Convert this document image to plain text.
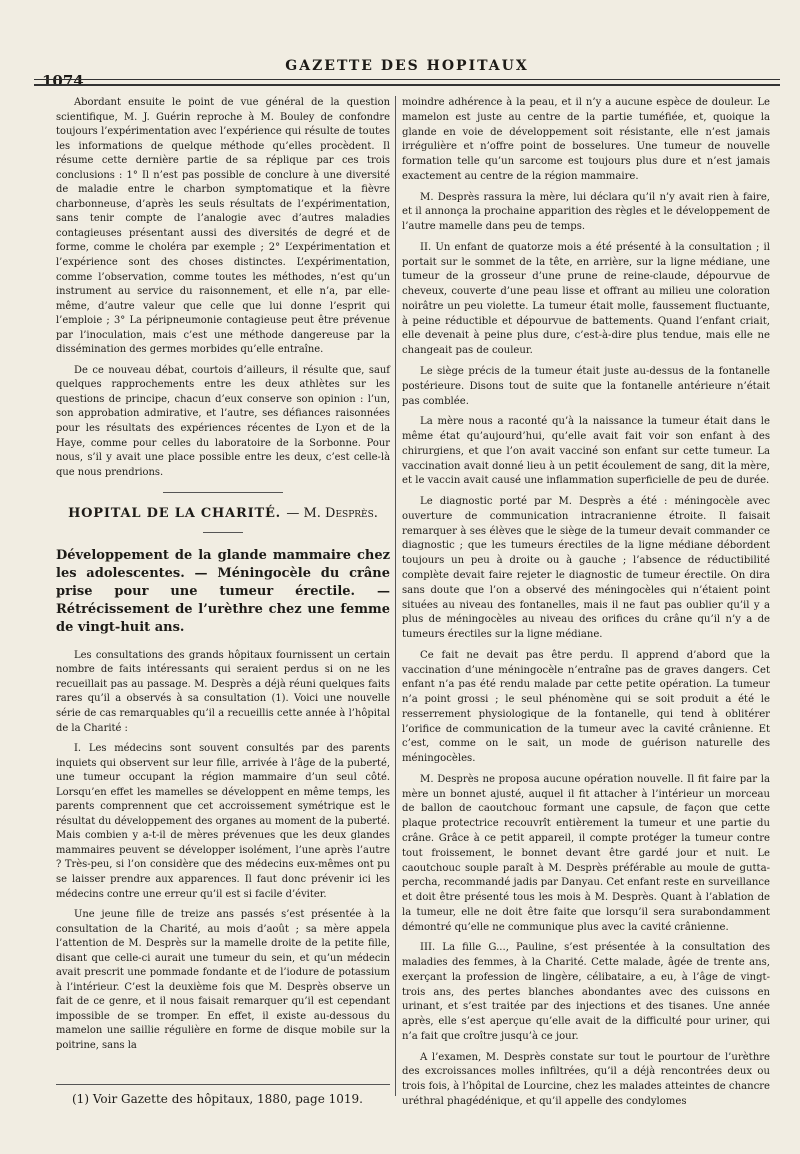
1074
GAZETTE DES HOPITAUX

Abordant ensuite le point de vue général de la question scientifique, M. J. Guérin reproche à M. Bouley de confondre toujours l’expérimentation avec l’expérience qui résulte de toutes les informations de quelque méthode qu’elles procèdent. Il résume cette dernière partie de sa réplique par ces trois conclusions : 1° Il n’est pas possible de conclure à une diversité de maladie entre le charbon symptomatique et la fièvre charbonneuse, d’après les seuls résultats de l’expérimentation, sans tenir compte de l’analogie avec d’autres maladies contagieuses présentant aussi des diversités de degré et de forme, comme le choléra par exemple ; 2° L’expérimentation et l’expérience sont des choses distinctes. L’expérimentation, comme l’observation, comme toutes les méthodes, n’est qu’un instrument au service du raisonnement, et elle n’a, par elle-même, d’autre valeur que celle que lui donne l’esprit qui l’emploie ; 3° La péripneumonie contagieuse peut être prévenue par l’inoculation, mais c’est une méthode dangereuse par la dissémination des germes morbides qu’elle entraîne.

De ce nouveau débat, courtois d’ailleurs, il résulte que, sauf quelques rapprochements entre les deux athlètes sur les questions de principe, chacun d’eux conserve son opinion : l’un, son approbation admirative, et l’autre, ses défiances raisonnées pour les résultats des expériences récentes de Lyon et de la Haye, comme pour celles du laboratoire de la Sorbonne. Pour nous, s’il y avait une place possible entre les deux, c’est celle-là que nous prendrions.

HOPITAL DE LA CHARITÉ. — M. Desprès.

Développement de la glande mammaire chez les adolescentes. — Méningocèle du crâne prise pour une tumeur érectile. — Rétrécissement de l’urèthre chez une femme de vingt-huit ans.

Les consultations des grands hôpitaux fournissent un certain nombre de faits intéressants qui seraient perdus si on ne les recueillait pas au passage. M. Desprès a déjà réuni quelques faits rares qu’il a observés à sa consultation (1). Voici une nouvelle série de cas remarquables qu’il a recueillis cette année à l’hôpital de la Charité :

I. Les médecins sont souvent consultés par des parents inquiets qui observent sur leur fille, arrivée à l’âge de la puberté, une tumeur occupant la région mammaire d’un seul côté. Lorsqu’en effet les mamelles se développent en même temps, les parents comprennent que cet accroissement symétrique est le résultat du développement des organes au moment de la puberté. Mais combien y a-t-il de mères prévenues que les deux glandes mammaires peuvent se développer isolément, l’une après l’autre ? Très-peu, si l’on considère que des médecins eux-mêmes ont pu se laisser prendre aux apparences. Il faut donc prévenir ici les médecins contre une erreur qu’il est si facile d’éviter.

Une jeune fille de treize ans passés s’est présentée à la consultation de la Charité, au mois d’août ; sa mère appela l’attention de M. Desprès sur la mamelle droite de la petite fille, disant que celle-ci aurait une tumeur du sein, et qu’un médecin avait prescrit une pommade fondante et de l’iodure de potassium à l’intérieur. C’est la deuxième fois que M. Desprès observe un fait de ce genre, et il nous faisait remarquer qu’il est cependant impossible de se tromper. En effet, il existe au-dessous du mamelon une saillie régulière en forme de disque mobile sur la poitrine, sans la

moindre adhérence à la peau, et il n’y a aucune espèce de douleur. Le mamelon est juste au centre de la partie tuméfiée, et, quoique la glande en voie de développement soit résistante, elle n’est jamais irrégulière et n’offre point de bosselures. Une tumeur de nouvelle formation telle qu’un sarcome est toujours plus dure et n’est jamais exactement au centre de la région mammaire.

M. Desprès rassura la mère, lui déclara qu’il n’y avait rien à faire, et il annonça la prochaine apparition des règles et le développement de l’autre mamelle dans peu de temps.

II. Un enfant de quatorze mois a été présenté à la consultation ; il portait sur le sommet de la tête, en arrière, sur la ligne médiane, une tumeur de la grosseur d’une prune de reine-claude, dépourvue de cheveux, couverte d’une peau lisse et offrant au milieu une coloration noirâtre un peu violette. La tumeur était molle, faussement fluctuante, à peine réductible et dépourvue de battements. Quand l’enfant criait, elle devenait à peine plus dure, c’est-à-dire plus tendue, mais elle ne changeait pas de couleur.

Le siège précis de la tumeur était juste au-dessus de la fontanelle postérieure. Disons tout de suite que la fontanelle antérieure n’était pas comblée.

La mère nous a raconté qu’à la naissance la tumeur était dans le même état qu’aujourd’hui, qu’elle avait fait voir son enfant à des chirurgiens, et que l’on avait vacciné son enfant sur cette tumeur. La vaccination avait donné lieu à un petit écoulement de sang, dit la mère, et le vaccin avait causé une inflammation superficielle de peu de durée.

Le diagnostic porté par M. Desprès a été : méningocèle avec ouverture de communication intracranienne étroite. Il faisait remarquer à ses élèves que le siège de la tumeur devait commander ce diagnostic ; que les tumeurs érectiles de la ligne médiane débordent toujours un peu à droite ou à gauche ; l’absence de réductibilité complète devait faire rejeter le diagnostic de tumeur érectile. On dira sans doute que l’on a observé des méningocèles qui n’étaient point situées au niveau des fontanelles, mais il ne faut pas oublier qu’il y a plus de méningocèles au niveau des orifices du crâne qu’il n’y a de tumeurs érectiles sur la ligne médiane.

Ce fait ne devait pas être perdu. Il apprend d’abord que la vaccination d’une méningocèle n’entraîne pas de graves dangers. Cet enfant n’a pas été rendu malade par cette petite opération. La tumeur n’a point grossi ; le seul phénomène qui se soit produit a été le resserrement physiologique de la fontanelle, qui tend à oblitérer l’orifice de communication de la tumeur avec la cavité crânienne. Et c’est, comme on le sait, un mode de guérison naturelle des méningocèles.

M. Desprès ne proposa aucune opération nouvelle. Il fit faire par la mère un bonnet ajusté, auquel il fit attacher à l’intérieur un morceau de ballon de caoutchouc formant une capsule, de façon que cette plaque protectrice recouvrît entièrement la tumeur et une partie du crâne. Grâce à ce petit appareil, il compte protéger la tumeur contre tout froissement, le bonnet devant être gardé jour et nuit. Le caoutchouc souple paraît à M. Desprès préférable au moule de gutta-percha, recommandé jadis par Danyau. Cet enfant reste en surveillance et doit être présenté tous les mois à M. Desprès. Quant à l’ablation de la tumeur, elle ne doit être faite que lorsqu’il sera surabondamment démontré qu’elle ne communique plus avec la cavité crânienne.

III. La fille G..., Pauline, s’est présentée à la consultation des maladies des femmes, à la Charité. Cette malade, âgée de trente ans, exerçant la profession de lingère, célibataire, a eu, à l’âge de vingt-trois ans, des pertes blanches abondantes avec des cuissons en urinant, et s’est traitée par des injections et des tisanes. Une année après, elle s’est aperçue qu’elle avait de la difficulté pour uriner, qui n’a fait que croître jusqu’à ce jour.

A l’examen, M. Desprès constate sur tout le pourtour de l’urèthre des excroissances molles infiltrées, qu’il a déjà rencontrées deux ou trois fois, à l’hôpital de Lourcine, chez les malades atteintes de chancre uréthral phagédénique, et qu’il appelle des condylomes

(1) Voir Gazette des hôpitaux, 1880, page 1019.
